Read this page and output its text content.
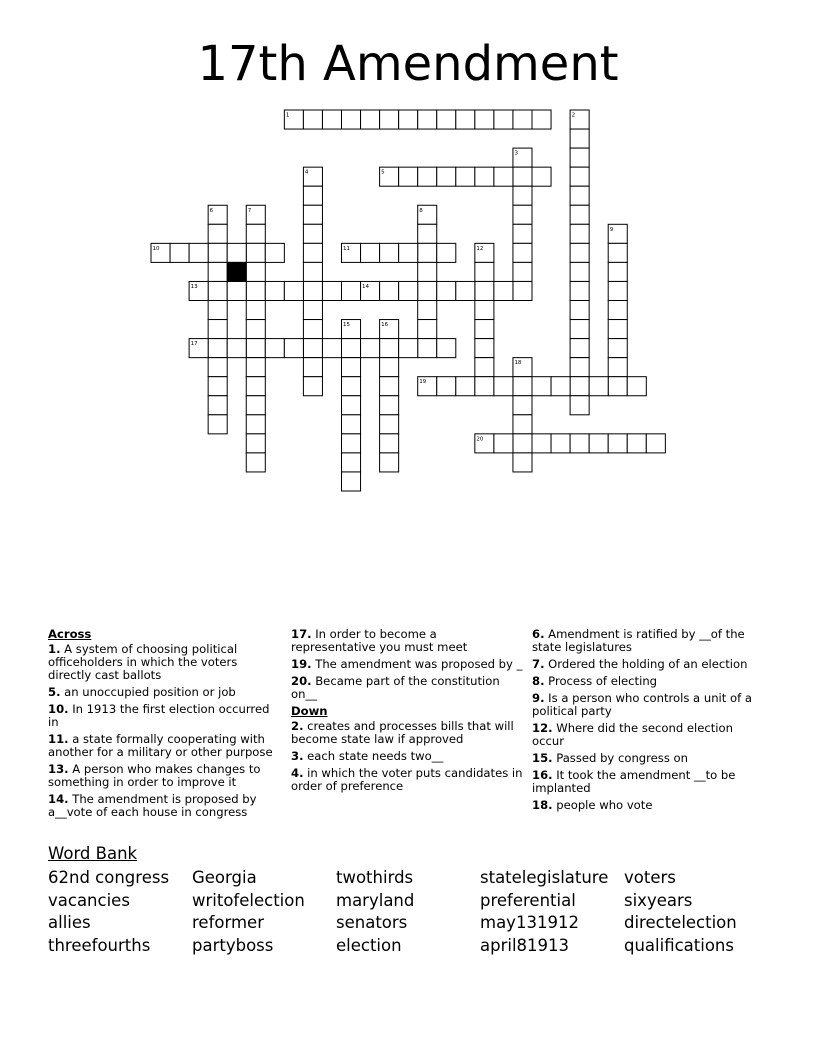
17th Amendment
1	2
3
4	5
6	7	8
9
10	11	12
13	14
15	16
17
18
19
20
Across
1. A system of choosing political officeholders in which the voters directly cast ballots
5. an unoccupied position or job
10. In 1913 the first election occurred in
11. a state formally cooperating with another for a military or other purpose
13. A person who makes changes to something in order to improve it
14. The amendment is proposed by a__vote of each house in congress
17. In order to become a representative you must meet
19. The amendment was proposed by _
20. Became part of the constitution on__
Down
2. creates and processes bills that will become state law if approved
3. each state needs two__
4. in which the voter puts candidates in order of preference
6. Amendment is ratified by __of the state legislatures
7. Ordered the holding of an election
8. Process of electing
9. Is a person who controls a unit of a political party
12. Where did the second election occur
15. Passed by congress on
16. It took the amendment __to be implanted
18. people who vote
Word Bank
62nd congress	Georgia	twothirds	statelegislature voters
vacancies	writofelection	maryland	preferential	sixyears
allies	reformer	senators	may131912	directelection
threefourths	partyboss	election	april81913	qualifications
